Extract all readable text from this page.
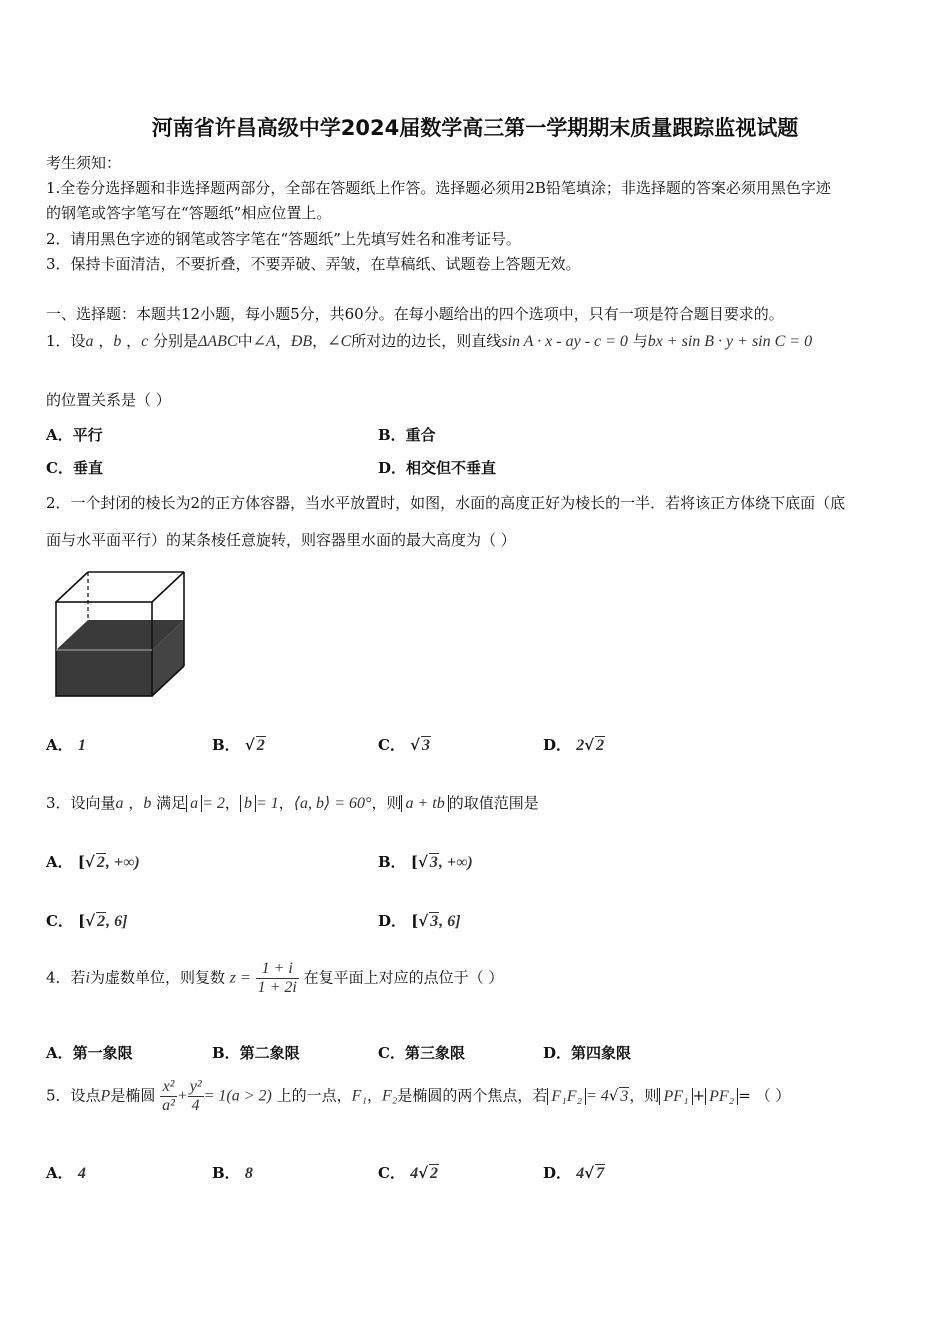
河南省许昌高级中学2024届数学高三第一学期期末质量跟踪监视试题
考生须知：
1.全卷分选择题和非选择题两部分，全部在答题纸上作答。选择题必须用2B铅笔填涂；非选择题的答案必须用黑色字迹
的钢笔或答字笔写在“答题纸”相应位置上。
2．请用黑色字迹的钢笔或答字笔在“答题纸”上先填写姓名和准考证号。
3．保持卡面清洁，不要折叠，不要弄破、弄皱，在草稿纸、试题卷上答题无效。
一、选择题：本题共12小题，每小题5分，共60分。在每小题给出的四个选项中，只有一项是符合题目要求的。
1．设a ，b ，c 分别是ΔABC中∠A，ÐB，∠C所对边的边长，则直线sin A · x - ay - c = 0 与bx + sin B · y + sin C = 0
的位置关系是（ ）
A．平行	B．重合
C．垂直	D．相交但不垂直
2．一个封闭的棱长为2的正方体容器，当水平放置时，如图，水面的高度正好为棱长的一半．若将该正方体绕下底面（底
面与水平面平行）的某条棱任意旋转，则容器里水面的最大高度为（ ）
A． 1	B． √ 2	C． √ 3	D． 2√ 2
3．设向量a ，b 满足 a = 2， b = 1，⟨a, b⟩ = 60°，则 a + tb 的取值范围是
A． [√ 2, +∞)	B． [√ 3, +∞)
C． [√ 2, 6]	D． [√ 3, 6]
4．若i为虚数单位，则复数 $z = \frac{1 + i}{1 + 2i}$ 在复平面上对应的点位于（ ）
A．第一象限	B．第二象限	C．第三象限	D．第四象限
5．设点P是椭圆 $\frac{\text{x²}}{\text{a²}} + \frac{\text{y²}}{4} = 1(a > 2)$ 上的一点，F₁，F₂是椭圆的两个焦点，若 F₁F₂ = 4√ 3，则 PF₁ + PF₂ = （ ）
A． 4	B． 8	C． 4√ 2	D． 4√ 7
